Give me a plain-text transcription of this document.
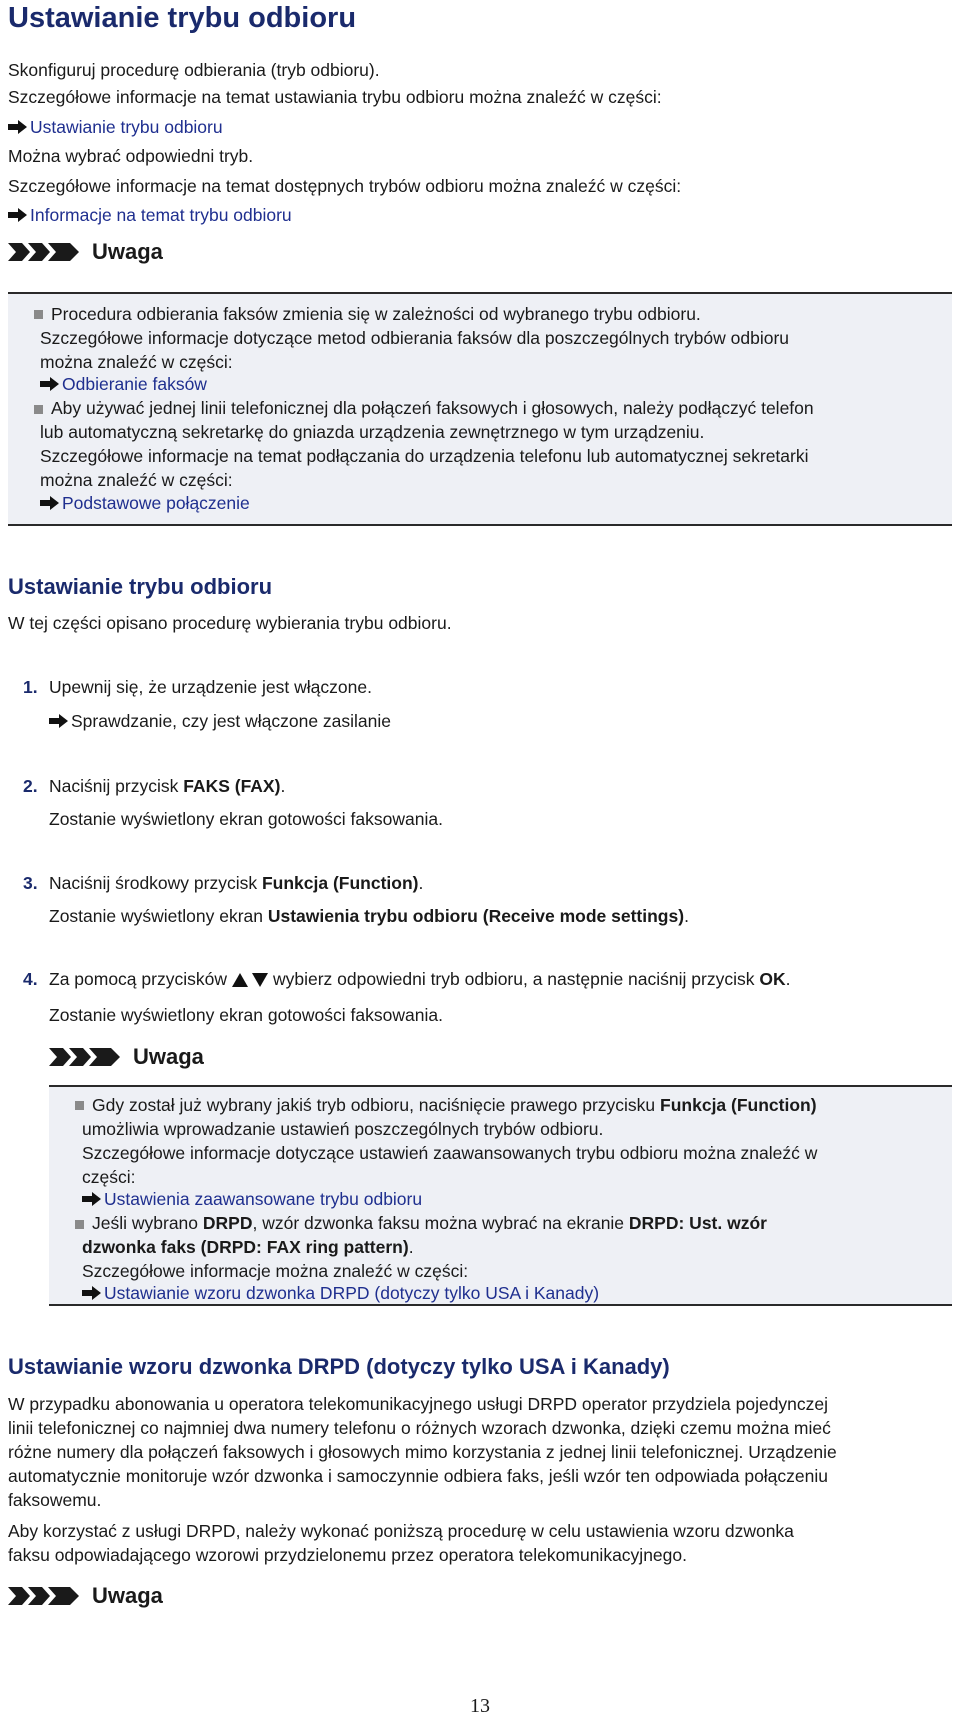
Ustawianie trybu odbioru
Skonfiguruj procedurę odbierania (tryb odbioru).
Szczegółowe informacje na temat ustawiania trybu odbioru można znaleźć w części:
Ustawianie trybu odbioru
Można wybrać odpowiedni tryb.
Szczegółowe informacje na temat dostępnych trybów odbioru można znaleźć w części:
Informacje na temat trybu odbioru
Uwaga
Procedura odbierania faksów zmienia się w zależności od wybranego trybu odbioru.
Szczegółowe informacje dotyczące metod odbierania faksów dla poszczególnych trybów odbioru
można znaleźć w części:
Odbieranie faksów
Aby używać jednej linii telefonicznej dla połączeń faksowych i głosowych, należy podłączyć telefon
lub automatyczną sekretarkę do gniazda urządzenia zewnętrznego w tym urządzeniu.
Szczegółowe informacje na temat podłączania do urządzenia telefonu lub automatycznej sekretarki
można znaleźć w części:
Podstawowe połączenie
Ustawianie trybu odbioru
W tej części opisano procedurę wybierania trybu odbioru.
1. Upewnij się, że urządzenie jest włączone.
Sprawdzanie, czy jest włączone zasilanie
2. Naciśnij przycisk FAKS (FAX).
Zostanie wyświetlony ekran gotowości faksowania.
3. Naciśnij środkowy przycisk Funkcja (Function).
Zostanie wyświetlony ekran Ustawienia trybu odbioru (Receive mode settings).
4. Za pomocą przycisków	wybierz odpowiedni tryb odbioru, a następnie naciśnij przycisk OK.
Zostanie wyświetlony ekran gotowości faksowania.
Uwaga
Gdy został już wybrany jakiś tryb odbioru, naciśnięcie prawego przycisku Funkcja (Function)
umożliwia wprowadzanie ustawień poszczególnych trybów odbioru.
Szczegółowe informacje dotyczące ustawień zaawansowanych trybu odbioru można znaleźć w
części:
Ustawienia zaawansowane trybu odbioru
Jeśli wybrano DRPD, wzór dzwonka faksu można wybrać na ekranie DRPD: Ust. wzór
dzwonka faks (DRPD: FAX ring pattern).
Szczegółowe informacje można znaleźć w części:
Ustawianie wzoru dzwonka DRPD (dotyczy tylko USA i Kanady)
Ustawianie wzoru dzwonka DRPD (dotyczy tylko USA i Kanady)
W przypadku abonowania u operatora telekomunikacyjnego usługi DRPD operator przydziela pojedynczej
linii telefonicznej co najmniej dwa numery telefonu o różnych wzorach dzwonka, dzięki czemu można mieć
różne numery dla połączeń faksowych i głosowych mimo korzystania z jednej linii telefonicznej. Urządzenie
automatycznie monitoruje wzór dzwonka i samoczynnie odbiera faks, jeśli wzór ten odpowiada połączeniu
faksowemu.
Aby korzystać z usługi DRPD, należy wykonać poniższą procedurę w celu ustawienia wzoru dzwonka
faksu odpowiadającego wzorowi przydzielonemu przez operatora telekomunikacyjnego.
Uwaga
13
